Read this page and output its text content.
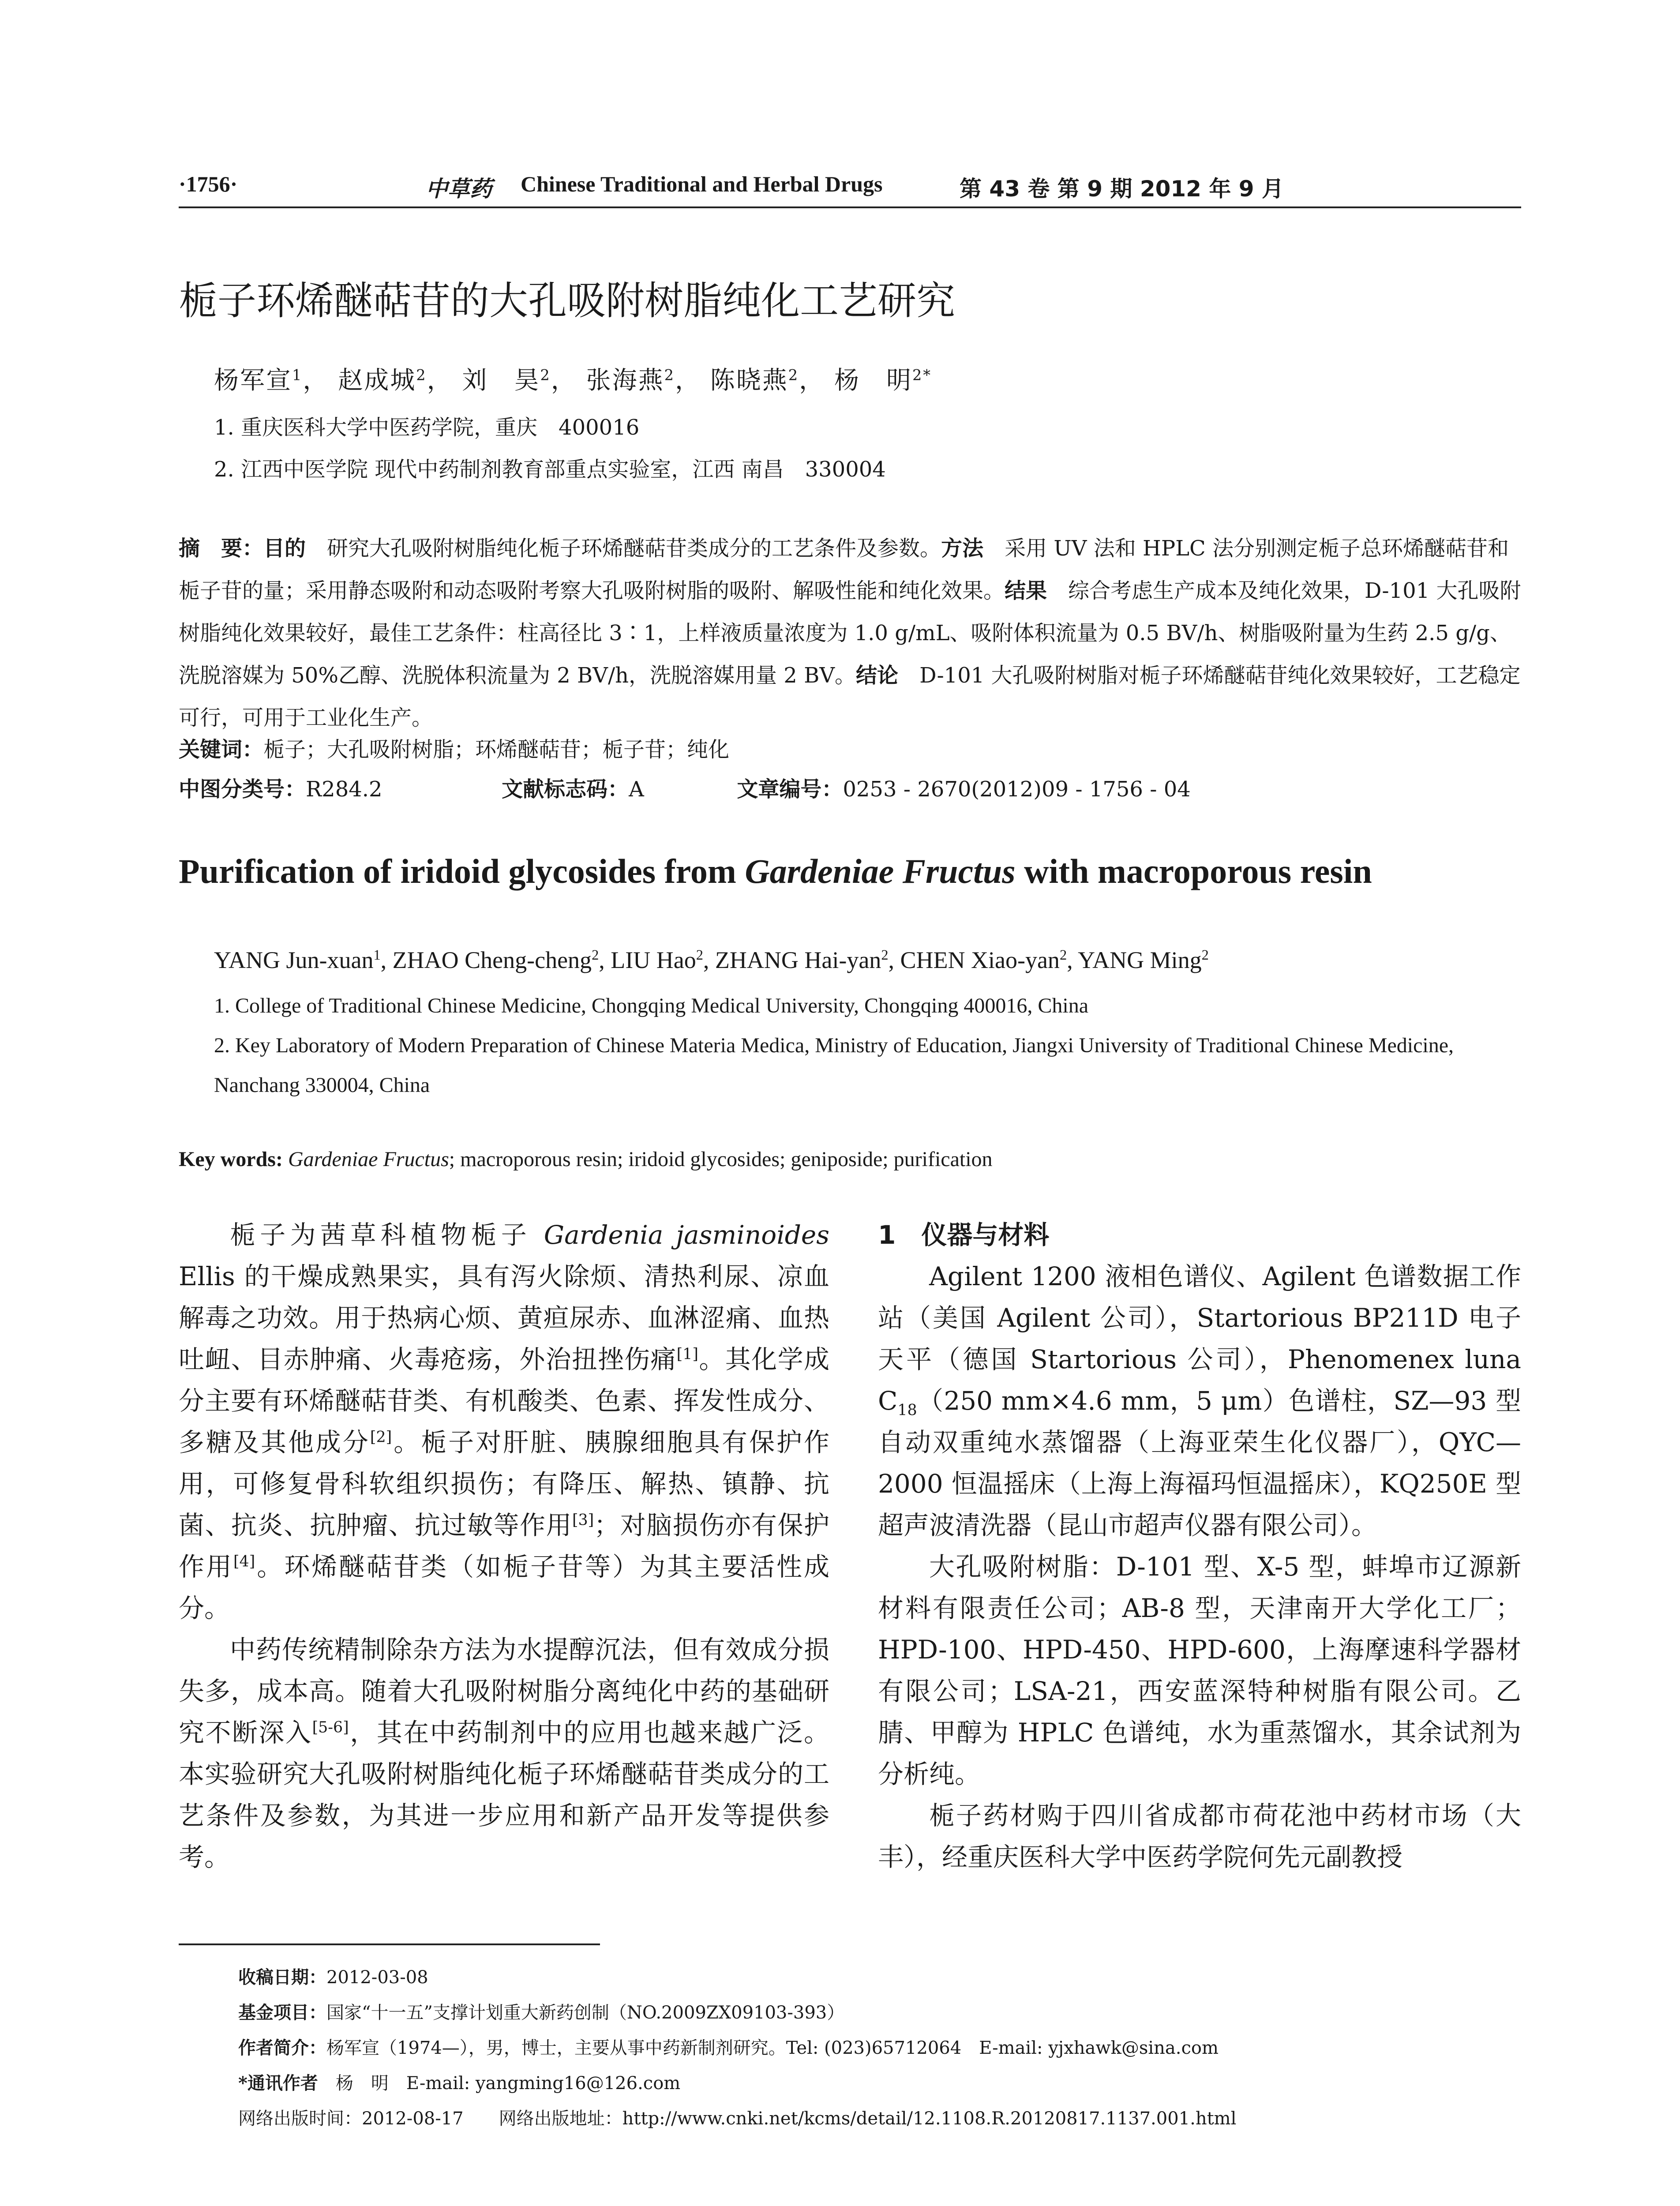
·1756·	中草药 Chinese Traditional and Herbal Drugs	第 43 卷 第 9 期 2012 年 9 月
栀子环烯醚萜苷的大孔吸附树脂纯化工艺研究
杨军宣$^1$， 赵成城$^2$， 刘　昊$^2$， 张海燕$^2$， 陈晓燕$^2$， 杨　明$^{2*}$
1. 重庆医科大学中医药学院，重庆　400016
2. 江西中医学院 现代中药制剂教育部重点实验室，江西 南昌　330004
摘　要：目的　 研究大孔吸附树脂纯化栀子环烯醚萜苷类成分的工艺条件及参数。方法　 采用 UV 法和 HPLC 法分别测定栀子总环烯醚萜苷和栀子苷的量；采用静态吸附和动态吸附考察大孔吸附树脂的吸附、解吸性能和纯化效果。结果　 综合考虑生产成本及纯化效果，D-101 大孔吸附树脂纯化效果较好，最佳工艺条件：柱高径比 3∶1，上样液质量浓度为 1.0 g/mL、吸附体积流量为 0.5 BV/h、树脂吸附量为生药 2.5 g/g、洗脱溶媒为 50%乙醇、洗脱体积流量为 2 BV/h，洗脱溶媒用量 2 BV。结论　 D-101 大孔吸附树脂对栀子环烯醚萜苷纯化效果较好，工艺稳定可行，可用于工业化生产。
关键词：栀子；大孔吸附树脂；环烯醚萜苷；栀子苷；纯化
中图分类号：R284.2	文献标志码：A	文章编号：0253 - 2670(2012)09 - 1756 - 04
Purification of iridoid glycosides from Gardeniae Fructus with macroporous resin
YANG Jun-xuan$^1$, ZHAO Cheng-cheng$^2$, LIU Hao$^2$, ZHANG Hai-yan$^2$, CHEN Xiao-yan$^2$, YANG Ming$^2$
1. College of Traditional Chinese Medicine, Chongqing Medical University, Chongqing 400016, China
2. Key Laboratory of Modern Preparation of Chinese Materia Medica, Ministry of Education, Jiangxi University of Traditional Chinese Medicine, Nanchang 330004, China
Key words: Gardeniae Fructus; macroporous resin; iridoid glycosides; geniposide; purification

栀子为茜草科植物栀子 Gardenia jasminoides Ellis 的干燥成熟果实，具有泻火除烦、清热利尿、凉血解毒之功效。用于热病心烦、黄疸尿赤、血淋涩痛、血热吐衄、目赤肿痛、火毒疮疡，外治扭挫伤痛[1]。其化学成分主要有环烯醚萜苷类、有机酸类、色素、挥发性成分、多糖及其他成分[2]。栀子对肝脏、胰腺细胞具有保护作用，可修复骨科软组织损伤；有降压、解热、镇静、抗菌、抗炎、抗肿瘤、抗过敏等作用[3]；对脑损伤亦有保护作用[4]。环烯醚萜苷类（如栀子苷等）为其主要活性成分。

中药传统精制除杂方法为水提醇沉法，但有效成分损失多，成本高。随着大孔吸附树脂分离纯化中药的基础研究不断深入[5-6]，其在中药制剂中的应用也越来越广泛。本实验研究大孔吸附树脂纯化栀子环烯醚萜苷类成分的工艺条件及参数，为其进一步应用和新产品开发等提供参考。

1　仪器与材料

Agilent 1200 液相色谱仪、Agilent 色谱数据工作站（美国 Agilent 公司），Startorious BP211D 电子天平（德国 Startorious 公司），Phenomenex luna $C_{18}(250$ mm×4.6 mm，5 μm）色谱柱，SZ—93 型自动双重纯水蒸馏器（上海亚荣生化仪器厂），QYC—2000 恒温摇床（上海上海福玛恒温摇床），KQ250E 型超声波清洗器（昆山市超声仪器有限公司）。

大孔吸附树脂：D-101 型、X-5 型，蚌埠市辽源新材料有限责任公司；AB-8 型，天津南开大学化工厂；HPD-100、HPD-450、HPD-600，上海摩速科学器材有限公司；LSA-21，西安蓝深特种树脂有限公司。乙腈、甲醇为 HPLC 色谱纯，水为重蒸馏水，其余试剂为分析纯。

栀子药材购于四川省成都市荷花池中药材市场（大丰），经重庆医科大学中医药学院何先元副教授

收稿日期：2012-03-08
基金项目：国家“十一五”支撑计划重大新药创制（NO.2009ZX09103-393）
作者简介：杨军宣（1974—），男，博士，主要从事中药新制剂研究。Tel: (023)65712064　E-mail: yjxhawk@sina.com
*通讯作者　 杨　明　E-mail: yangming16@126.com
网络出版时间：2012-08-17　　网络出版地址：http://www.cnki.net/kcms/detail/12.1108.R.20120817.1137.001.html
